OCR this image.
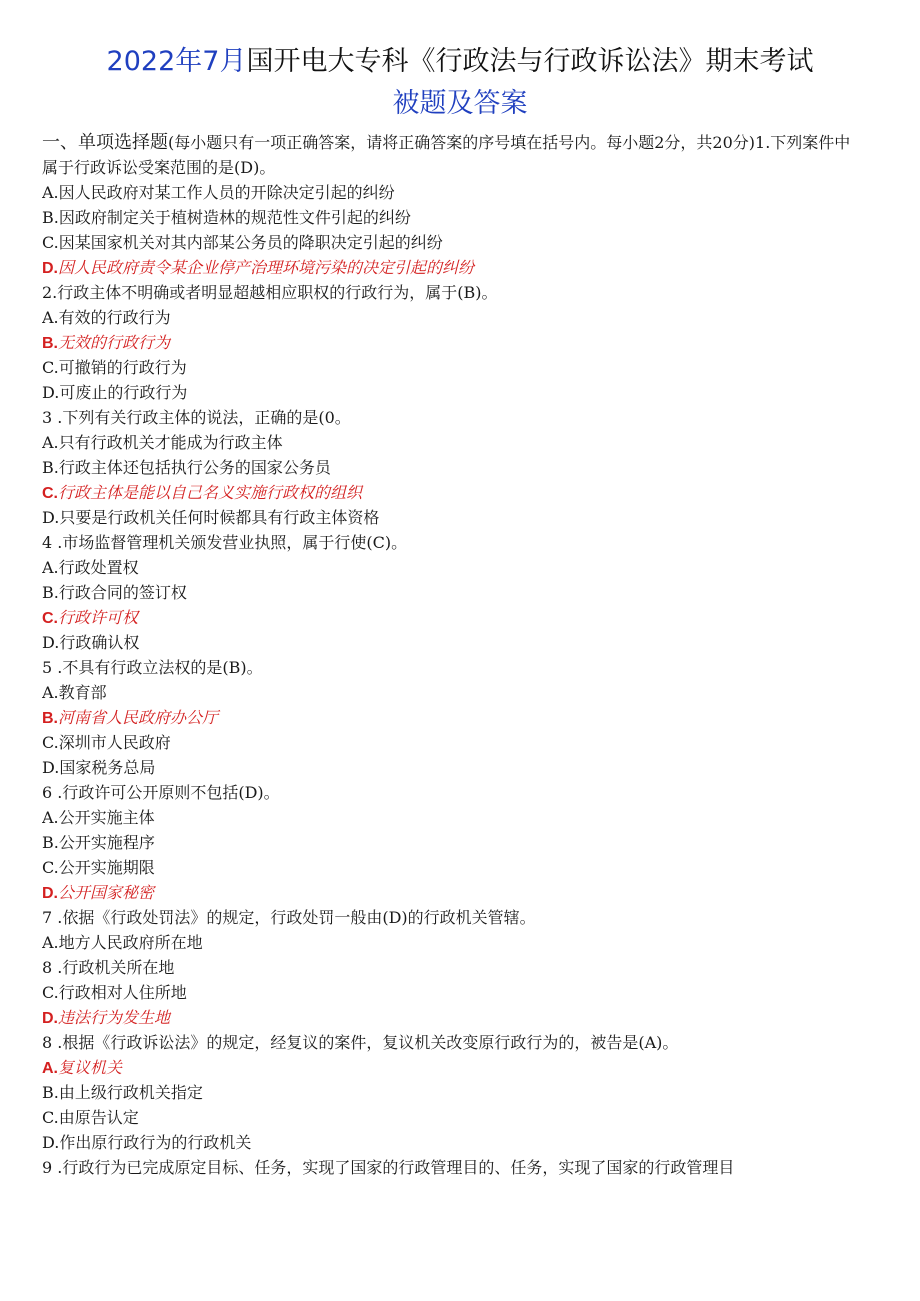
2022年7月国开电大专科《行政法与行政诉讼法》期末考试
被题及答案

一、单项选择题(每小题只有一项正确答案，请将正确答案的序号填在括号内。每小题2分，共20分)1.下列案件中属于行政诉讼受案范围的是(D)。

A.因人民政府对某工作人员的开除决定引起的纠纷
B.因政府制定关于植树造林的规范性文件引起的纠纷
C.因某国家机关对其内部某公务员的降职决定引起的纠纷
D.因人民政府责令某企业停产治理环境污染的决定引起的纠纷
2.行政主体不明确或者明显超越相应职权的行政行为，属于(B)。
A.有效的行政行为
B.无效的行政行为
C.可撤销的行政行为
D.可废止的行政行为
3 .下列有关行政主体的说法，正确的是(0。
A.只有行政机关才能成为行政主体
B.行政主体还包括执行公务的国家公务员
C.行政主体是能以自己名义实施行政权的组织
D.只要是行政机关任何时候都具有行政主体资格
4 .市场监督管理机关颁发营业执照，属于行使(C)。
A.行政处置权
B.行政合同的签订权
C.行政许可权
D.行政确认权
5 .不具有行政立法权的是(B)。
A.教育部
B.河南省人民政府办公厅
C.深圳市人民政府
D.国家税务总局
6 .行政许可公开原则不包括(D)。
A.公开实施主体
B.公开实施程序
C.公开实施期限
D.公开国家秘密
7 .依据《行政处罚法》的规定，行政处罚一般由(D)的行政机关管辖。
A.地方人民政府所在地
8 .行政机关所在地
C.行政相对人住所地
D.违法行为发生地
8 .根据《行政诉讼法》的规定，经复议的案件，复议机关改变原行政行为的，被告是(A)。
A.复议机关
B.由上级行政机关指定
C.由原告认定
D.作出原行政行为的行政机关
9 .行政行为已完成原定目标、任务，实现了国家的行政管理目的、任务，实现了国家的行政管理目
